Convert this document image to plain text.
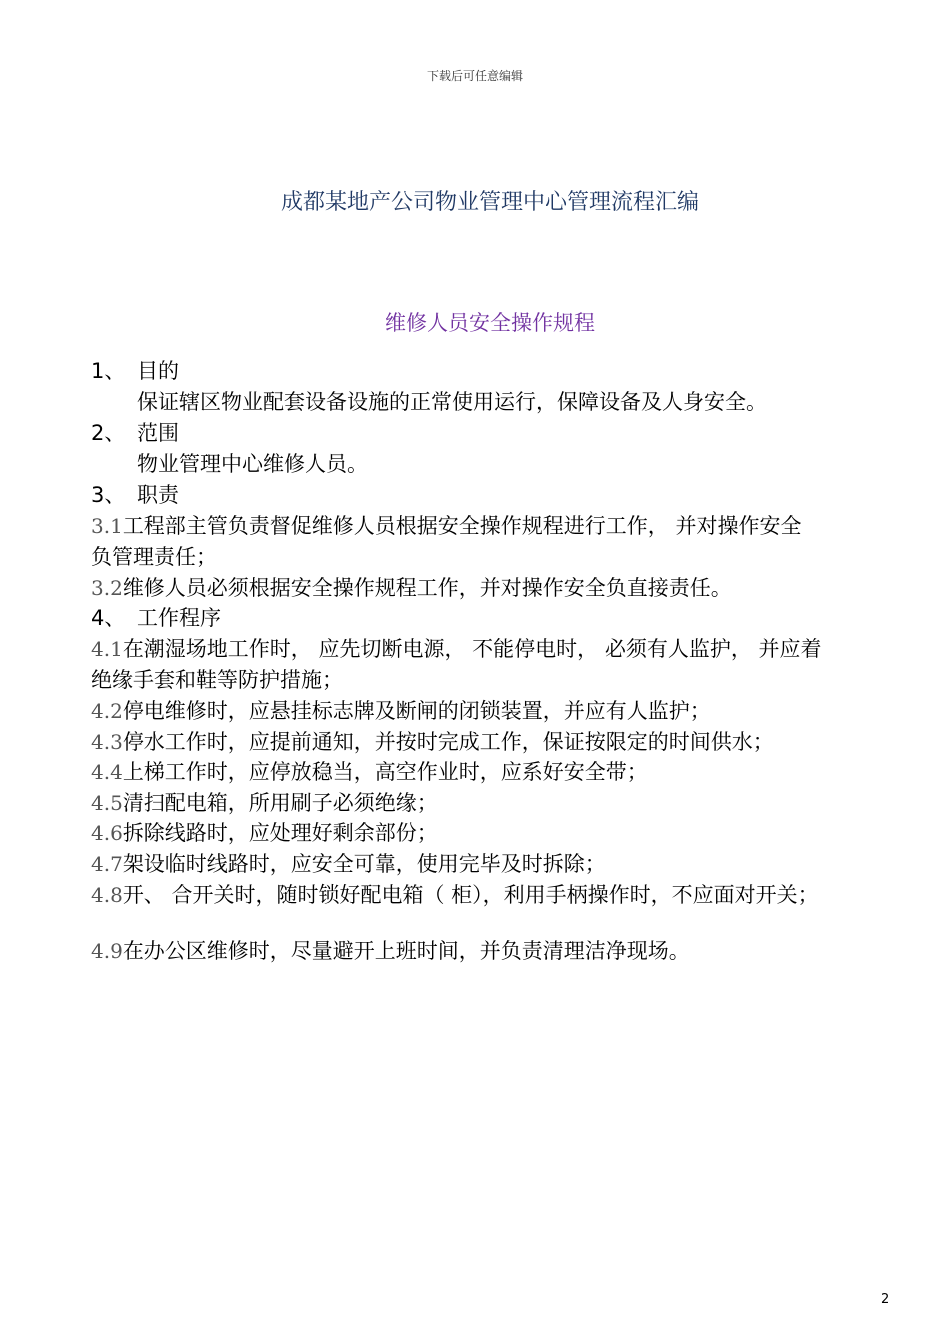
下载后可任意编辑
成都某地产公司物业管理中心管理流程汇编
维修人员安全操作规程
1、 目的
保证辖区物业配套设备设施的正常使用运行，保障设备及人身安全。
2、 范围
物业管理中心维修人员。
3、 职责
3.1工程部主管负责督促维修人员根据安全操作规程进行工作， 并对操作安全
负管理责任；
3.2维修人员必须根据安全操作规程工作，并对操作安全负直接责任。
4、 工作程序
4.1在潮湿场地工作时， 应先切断电源， 不能停电时， 必须有人监护， 并应着
绝缘手套和鞋等防护措施；
4.2停电维修时，应悬挂标志牌及断闸的闭锁装置，并应有人监护；
4.3停水工作时，应提前通知，并按时完成工作，保证按限定的时间供水；
4.4上梯工作时，应停放稳当，高空作业时，应系好安全带；
4.5清扫配电箱，所用刷子必须绝缘；
4.6拆除线路时，应处理好剩余部份；
4.7架设临时线路时，应安全可靠，使用完毕及时拆除；
4.8开、 合开关时，随时锁好配电箱（ 柜），利用手柄操作时，不应面对开关；
4.9在办公区维修时，尽量避开上班时间，并负责清理洁净现场。
2
